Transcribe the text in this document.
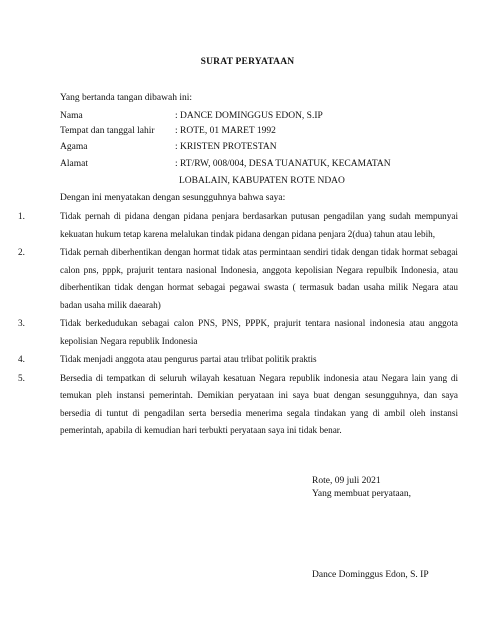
SURAT PERYATAAN
Yang bertanda tangan dibawah ini:
Nama	: DANCE DOMINGGUS EDON, S.IP
Tempat dan tanggal lahir : ROTE, 01 MARET 1992
Agama	: KRISTEN PROTESTAN
Alamat	: RT/RW, 008/004, DESA TUANATUK, KECAMATAN
LOBALAIN, KABUPATEN ROTE NDAO
Dengan ini menyatakan dengan sesungguhnya bahwa saya:
1.	Tidak pernah di pidana dengan pidana penjara berdasarkan putusan pengadilan yang sudah mempunyai kekuatan hukum tetap karena melalukan tindak pidana dengan pidana penjara 2(dua) tahun atau lebih,
2.	Tidak pernah diberhentikan dengan hormat tidak atas permintaan sendiri tidak dengan tidak hormat sebagai calon pns, pppk, prajurit tentara nasional Indonesia, anggota kepolisian Negara repulbik Indonesia, atau diberhentikan tidak dengan hormat sebagai pegawai swasta ( termasuk badan usaha milik Negara atau badan usaha milik daearah)
3.	Tidak berkedudukan sebagai calon PNS, PNS, PPPK, prajurit tentara nasional indonesia atau anggota kepolisian Negara republik Indonesia
4.	Tidak menjadi anggota atau pengurus partai atau trlibat politik praktis
5.	Bersedia di tempatkan di seluruh wilayah kesatuan Negara republik indonesia atau Negara lain yang di temukan pleh instansi pemerintah. Demikian peryataan ini saya buat dengan sesungguhnya, dan saya bersedia di tuntut di pengadilan serta bersedia menerima segala tindakan yang di ambil oleh instansi pemerintah, apabila di kemudian hari terbukti peryataan saya ini tidak benar.
Rote, 09 juli 2021
Yang membuat peryataan,
Dance Dominggus Edon, S. IP
